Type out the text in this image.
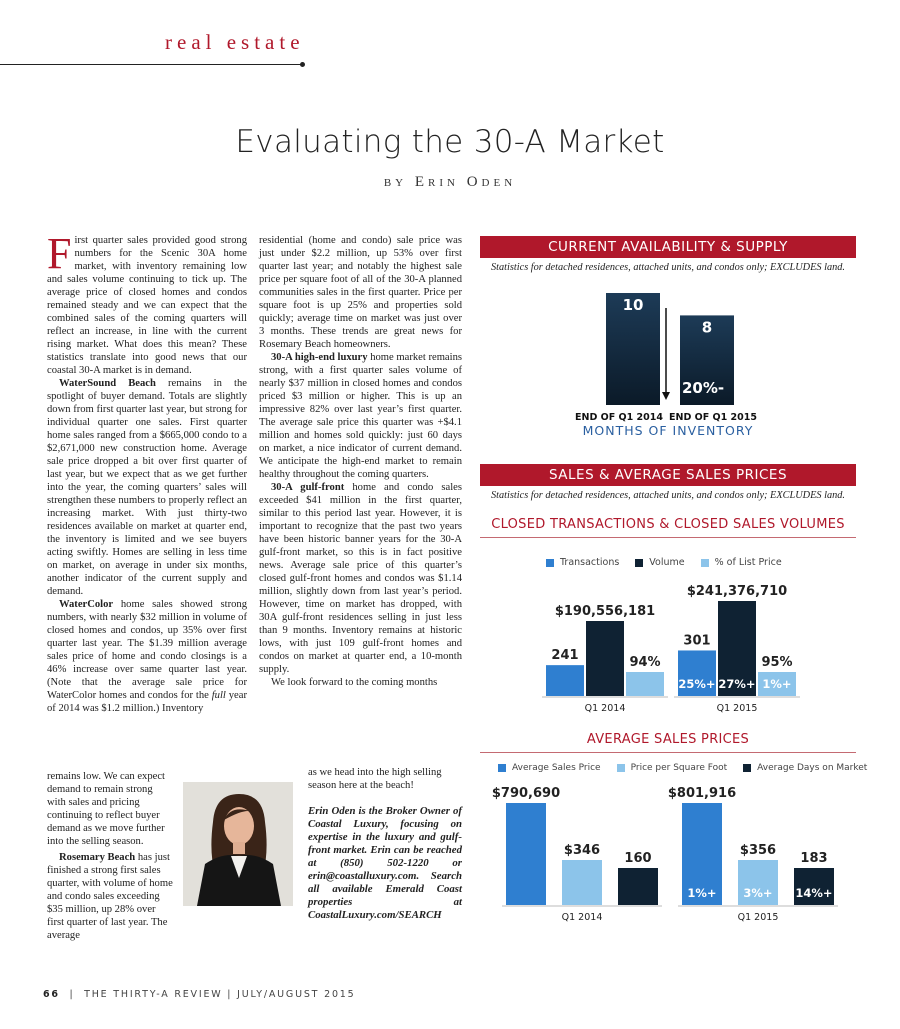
real estate
Evaluating the 30-A Market
by Erin Oden

First quarter sales provided good strong numbers for the Scenic 30A home market, with inventory remaining low and sales volume continuing to tick up. The average price of closed homes and condos remained steady and we can expect that the combined sales of the coming quarters will reflect an increase, in line with the current rising market. What does this mean? These statistics translate into good news that our coastal 30-A market is in demand.

WaterSound Beach remains in the spotlight of buyer demand. Totals are slightly down from first quarter last year, but strong for individual quarter one sales. First quarter home sales ranged from a $665,000 condo to a $2,671,000 new construction home. Average sale price dropped a bit over first quarter of last year, but we expect that as we get further into the year, the coming quarters’ sales will strengthen these numbers to properly reflect an increasing market. With just thirty-two residences available on market at quarter end, the inventory is limited and we see buyers acting swiftly. Homes are selling in less time on market, on average in under six months, another indicator of the current supply and demand.

WaterColor home sales showed strong numbers, with nearly $32 million in volume of closed homes and condos, up 35% over first quarter last year. The $1.39 million average sales price of home and condo closings is a 46% increase over same quarter last year. (Note that the average sale price for WaterColor homes and condos for the full year of 2014 was $1.2 million.) Inventory

remains low. We can expect demand to remain strong with sales and pricing continuing to reflect buyer demand as we move further into the selling season.

Rosemary Beach has just finished a strong first sales quarter, with volume of home and condo sales exceeding $35 million, up 28% over first quarter of last year. The average

residential (home and condo) sale price was just under $2.2 million, up 53% over first quarter last year; and notably the highest sale price per square foot of all of the 30-A planned communities sales in the first quarter. Price per square foot is up 25% and properties sold quickly; average time on market was just over 3 months. These trends are great news for Rosemary Beach homeowners.

30-A high-end luxury home market remains strong, with a first quarter sales volume of nearly $37 million in closed homes and condos priced $3 million or higher. This is up an impressive 82% over last year’s first quarter. The average sale price this quarter was +$4.1 million and homes sold quickly: just 60 days on market, a nice indicator of current demand. We anticipate the high-end market to remain healthy throughout the coming quarters.

30-A gulf-front home and condo sales exceeded $41 million in the first quarter, similar to this period last year. However, it is important to recognize that the past two years have been historic banner years for the 30-A gulf-front market, so this is in fact positive news. Average sale price of this quarter’s closed gulf-front homes and condos was $1.14 million, slightly down from last year’s period. However, time on market has dropped, with 30A gulf-front residences selling in just less than 9 months. Inventory remains at historic lows, with just 109 gulf-front homes and condos on market at quarter end, a 10-month supply.

We look forward to the coming months

as we head into the high selling season here at the beach!
Erin Oden is the Broker Owner of Coastal Luxury, focusing on expertise in the luxury and gulf-front market. Erin can be reached at (850) 502-1220 or erin@coastalluxury.com. Search all available Emerald Coast properties at CoastalLuxury.com/SEARCH
CURRENT AVAILABILITY & SUPPLY
Statistics for detached residences, attached units, and condos only; EXCLUDES land.
10
8
20%-
END OF Q1 2014 END OF Q1 2015
MONTHS OF INVENTORY
SALES & AVERAGE SALES PRICES
Statistics for detached residences, attached units, and condos only; EXCLUDES land.
CLOSED TRANSACTIONS & CLOSED SALES VOLUMES
Transactions	Volume	% of List Price
241
301
25%+
$190,556,181
$241,376,710
27%+
94%	95%
1%+
Q1 2014	Q1 2015
AVERAGE SALES PRICES
Average Sales Price	Price per Square Foot	Average Days on Market
$790,690	$801,916
1%+
$346	$356
3%+
160	183
14%+
Q1 2014	Q1 2015
66  |  THE THIRTY-A REVIEW | JULY/AUGUST 2015
